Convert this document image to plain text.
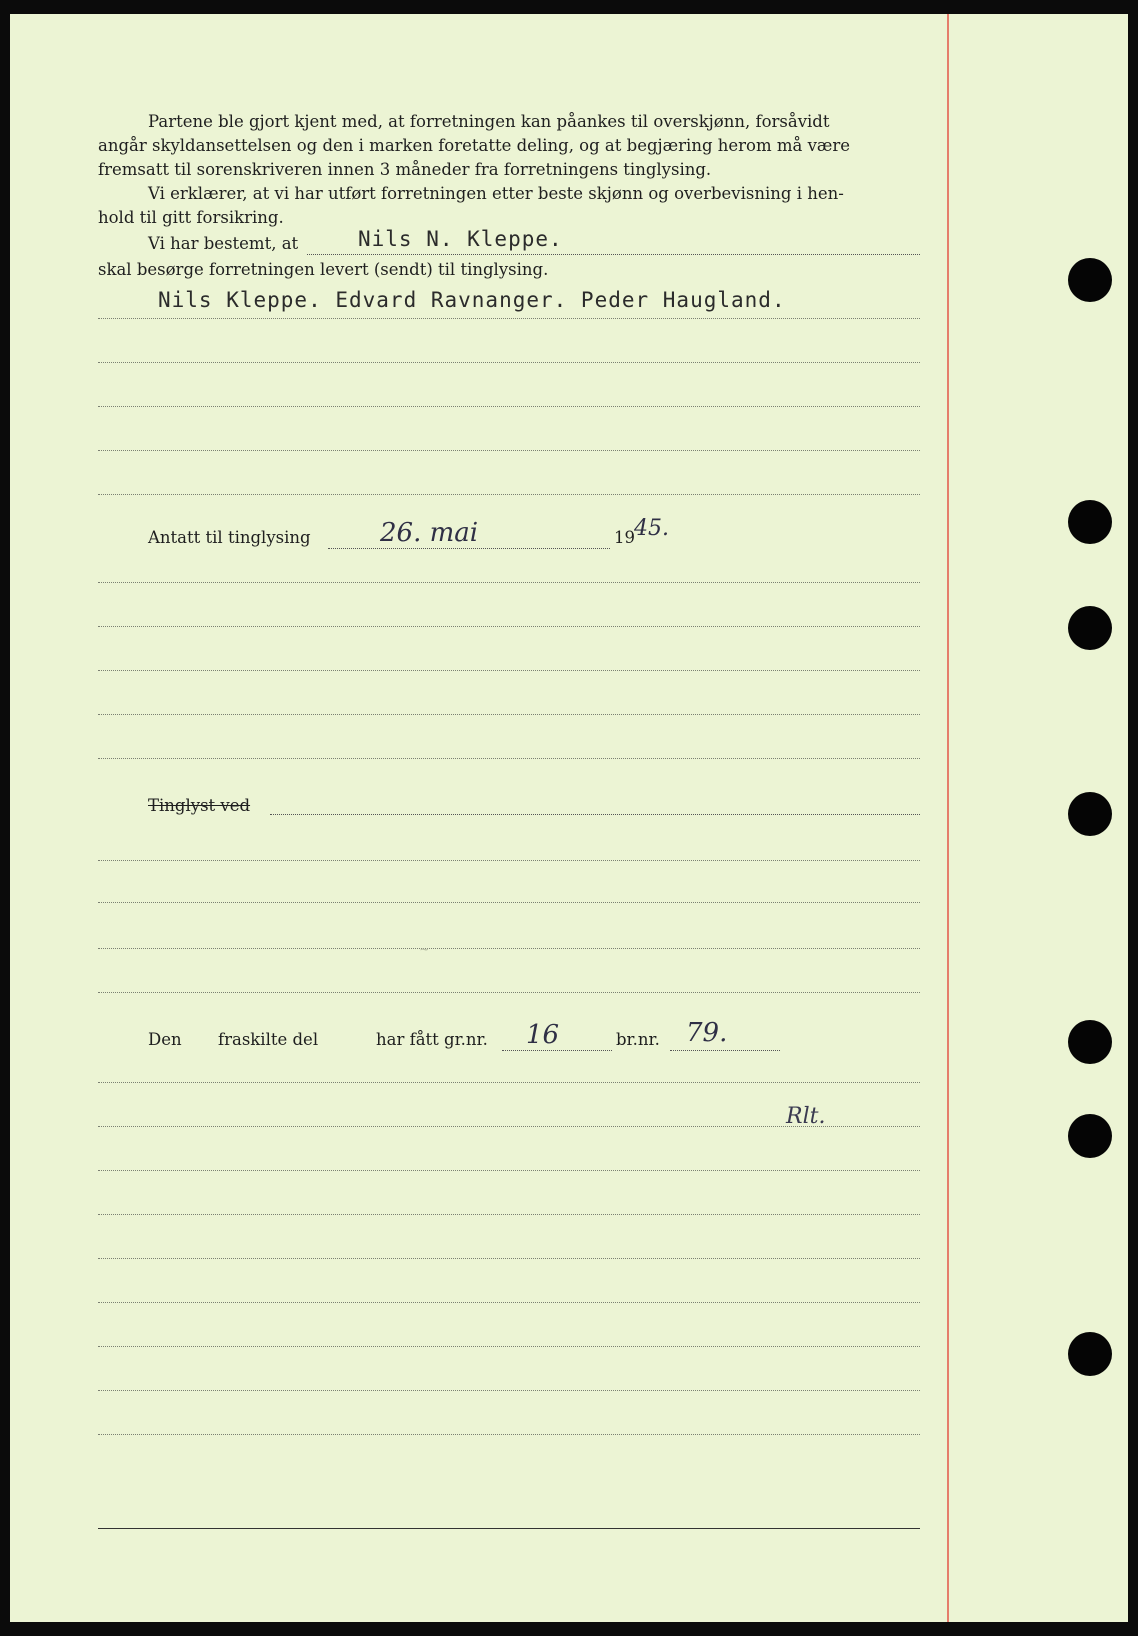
Partene ble gjort kjent med, at forretningen kan påankes til overskjønn, forsåvidt
angår skyldansettelsen og den i marken foretatte deling, og at begjæring herom må være
fremsatt til sorenskriveren innen 3 måneder fra forretningens tinglysing.
Vi erklærer, at vi har utført forretningen etter beste skjønn og overbevisning i hen-
hold til gitt forsikring.
Vi har bestemt, at	Nils N. Kleppe.
skal besørge forretningen levert (sendt) til tinglysing.
Nils Kleppe. Edvard Ravnanger. Peder Haugland.
Antatt til tinglysing	26. mai	19 45.
Tinglyst ved
~
Den fraskilte del	har fått gr.nr. 16	br.nr. 79.
Rlt.
